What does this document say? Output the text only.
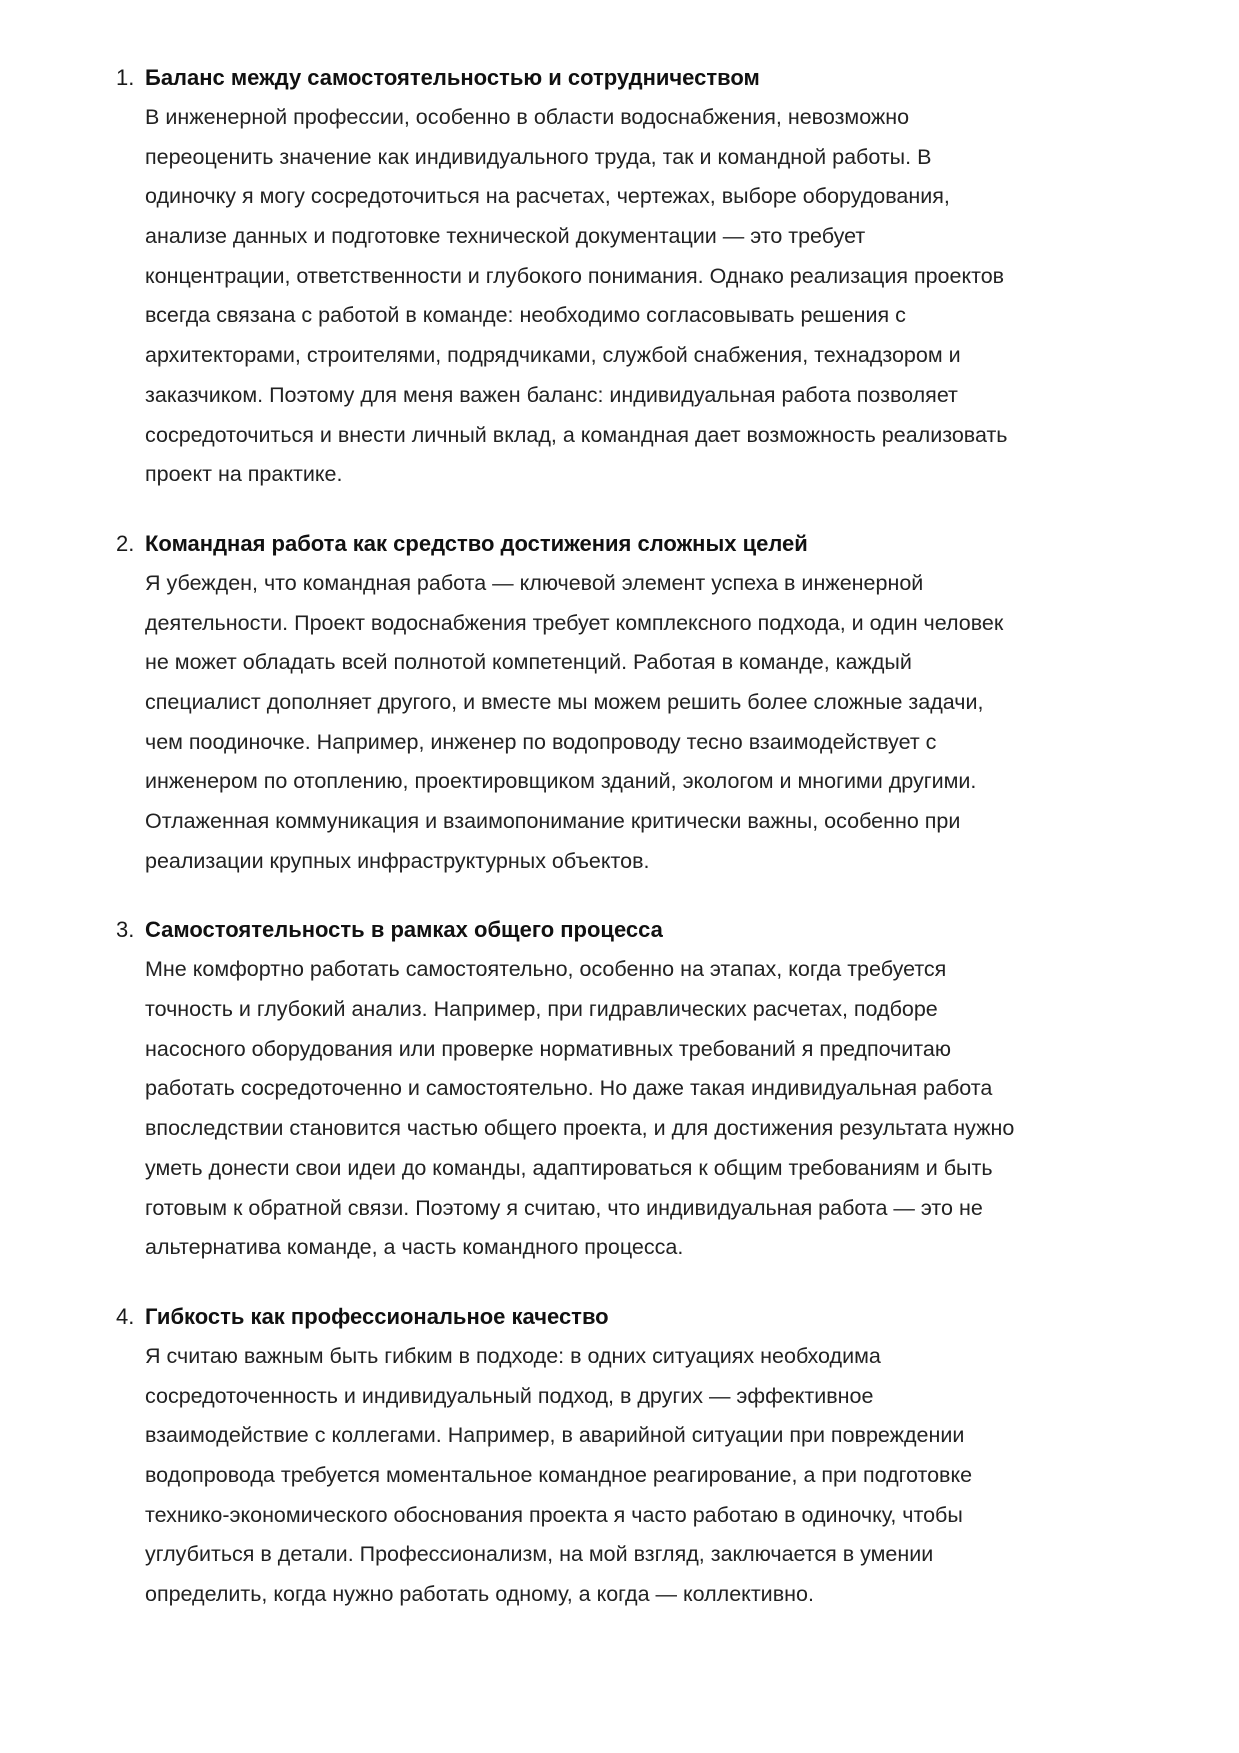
1. Баланс между самостоятельностью и сотрудничеством
В инженерной профессии, особенно в области водоснабжения, невозможно
переоценить значение как индивидуального труда, так и командной работы. В
одиночку я могу сосредоточиться на расчетах, чертежах, выборе оборудования,
анализе данных и подготовке технической документации — это требует
концентрации, ответственности и глубокого понимания. Однако реализация проектов
всегда связана с работой в команде: необходимо согласовывать решения с
архитекторами, строителями, подрядчиками, службой снабжения, технадзором и
заказчиком. Поэтому для меня важен баланс: индивидуальная работа позволяет
сосредоточиться и внести личный вклад, а командная дает возможность реализовать
проект на практике.
2. Командная работа как средство достижения сложных целей
Я убежден, что командная работа — ключевой элемент успеха в инженерной
деятельности. Проект водоснабжения требует комплексного подхода, и один человек
не может обладать всей полнотой компетенций. Работая в команде, каждый
специалист дополняет другого, и вместе мы можем решить более сложные задачи,
чем поодиночке. Например, инженер по водопроводу тесно взаимодействует с
инженером по отоплению, проектировщиком зданий, экологом и многими другими.
Отлаженная коммуникация и взаимопонимание критически важны, особенно при
реализации крупных инфраструктурных объектов.
3. Самостоятельность в рамках общего процесса
Мне комфортно работать самостоятельно, особенно на этапах, когда требуется
точность и глубокий анализ. Например, при гидравлических расчетах, подборе
насосного оборудования или проверке нормативных требований я предпочитаю
работать сосредоточенно и самостоятельно. Но даже такая индивидуальная работа
впоследствии становится частью общего проекта, и для достижения результата нужно
уметь донести свои идеи до команды, адаптироваться к общим требованиям и быть
готовым к обратной связи. Поэтому я считаю, что индивидуальная работа — это не
альтернатива команде, а часть командного процесса.
4. Гибкость как профессиональное качество
Я считаю важным быть гибким в подходе: в одних ситуациях необходима
сосредоточенность и индивидуальный подход, в других — эффективное
взаимодействие с коллегами. Например, в аварийной ситуации при повреждении
водопровода требуется моментальное командное реагирование, а при подготовке
технико-экономического обоснования проекта я часто работаю в одиночку, чтобы
углубиться в детали. Профессионализм, на мой взгляд, заключается в умении
определить, когда нужно работать одному, а когда — коллективно.
